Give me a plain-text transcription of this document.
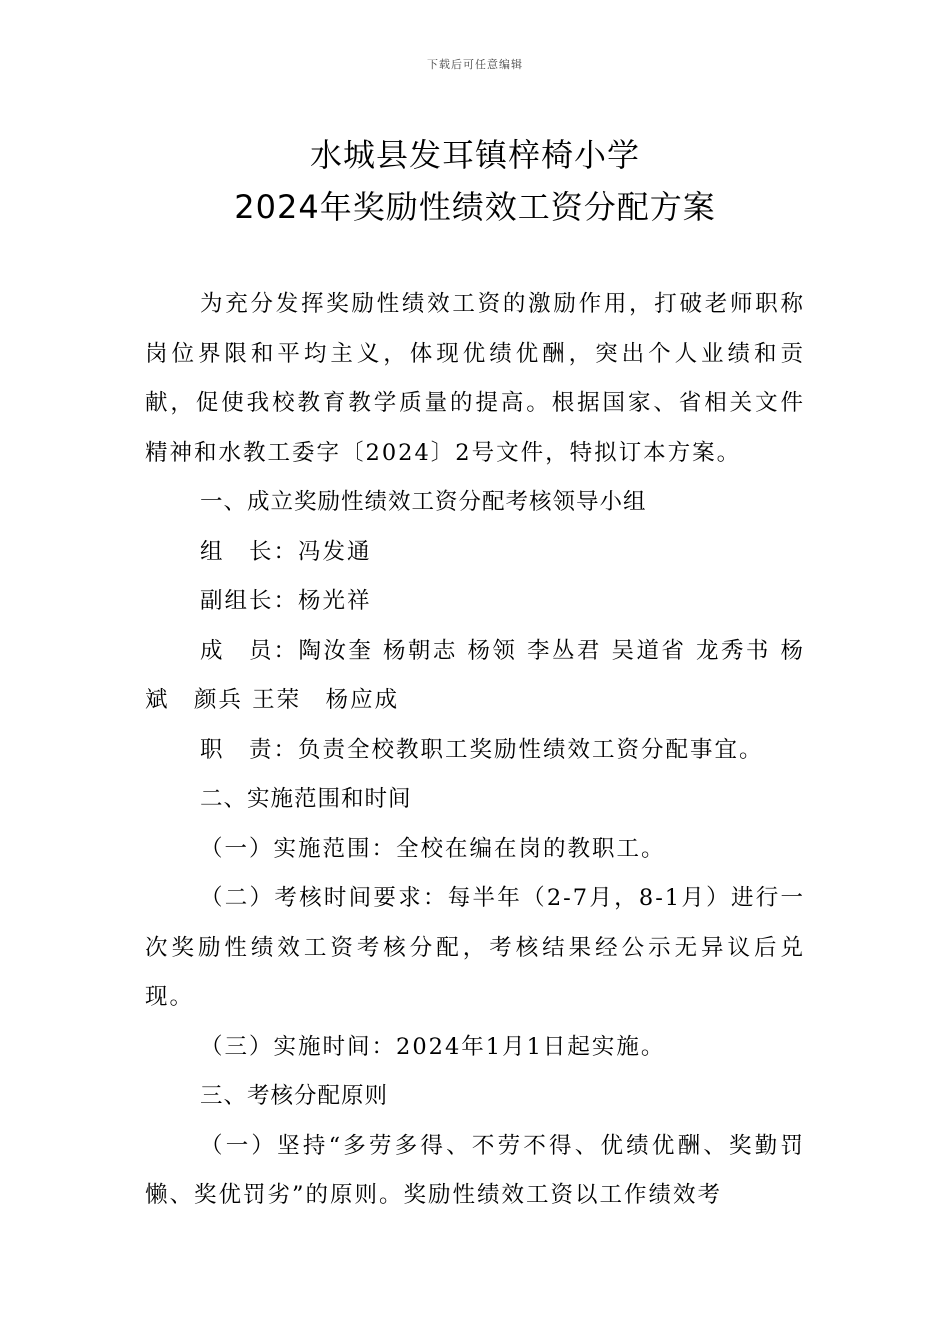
下载后可任意编辑
水城县发耳镇梓椅小学
2024年奖励性绩效工资分配方案

为充分发挥奖励性绩效工资的激励作用，打破老师职称岗位界限和平均主义，体现优绩优酬，突出个人业绩和贡献，促使我校教育教学质量的提高。根据国家、省相关文件精神和水教工委字〔2024〕2号文件，特拟订本方案。

一、成立奖励性绩效工资分配考核领导小组

组　长：冯发通

副组长：杨光祥

成　员：陶汝奎 杨朝志 杨领 李丛君 吴道省 龙秀书 杨斌　颜兵 王荣　杨应成

职　责：负责全校教职工奖励性绩效工资分配事宜。

二、实施范围和时间

（一）实施范围：全校在编在岗的教职工。

（二）考核时间要求：每半年（2-7月，8-1月）进行一次奖励性绩效工资考核分配，考核结果经公示无异议后兑现。

（三）实施时间：2024年1月1日起实施。

三、考核分配原则

（一）坚持“多劳多得、不劳不得、优绩优酬、奖勤罚懒、奖优罚劣”的原则。奖励性绩效工资以工作绩效考
